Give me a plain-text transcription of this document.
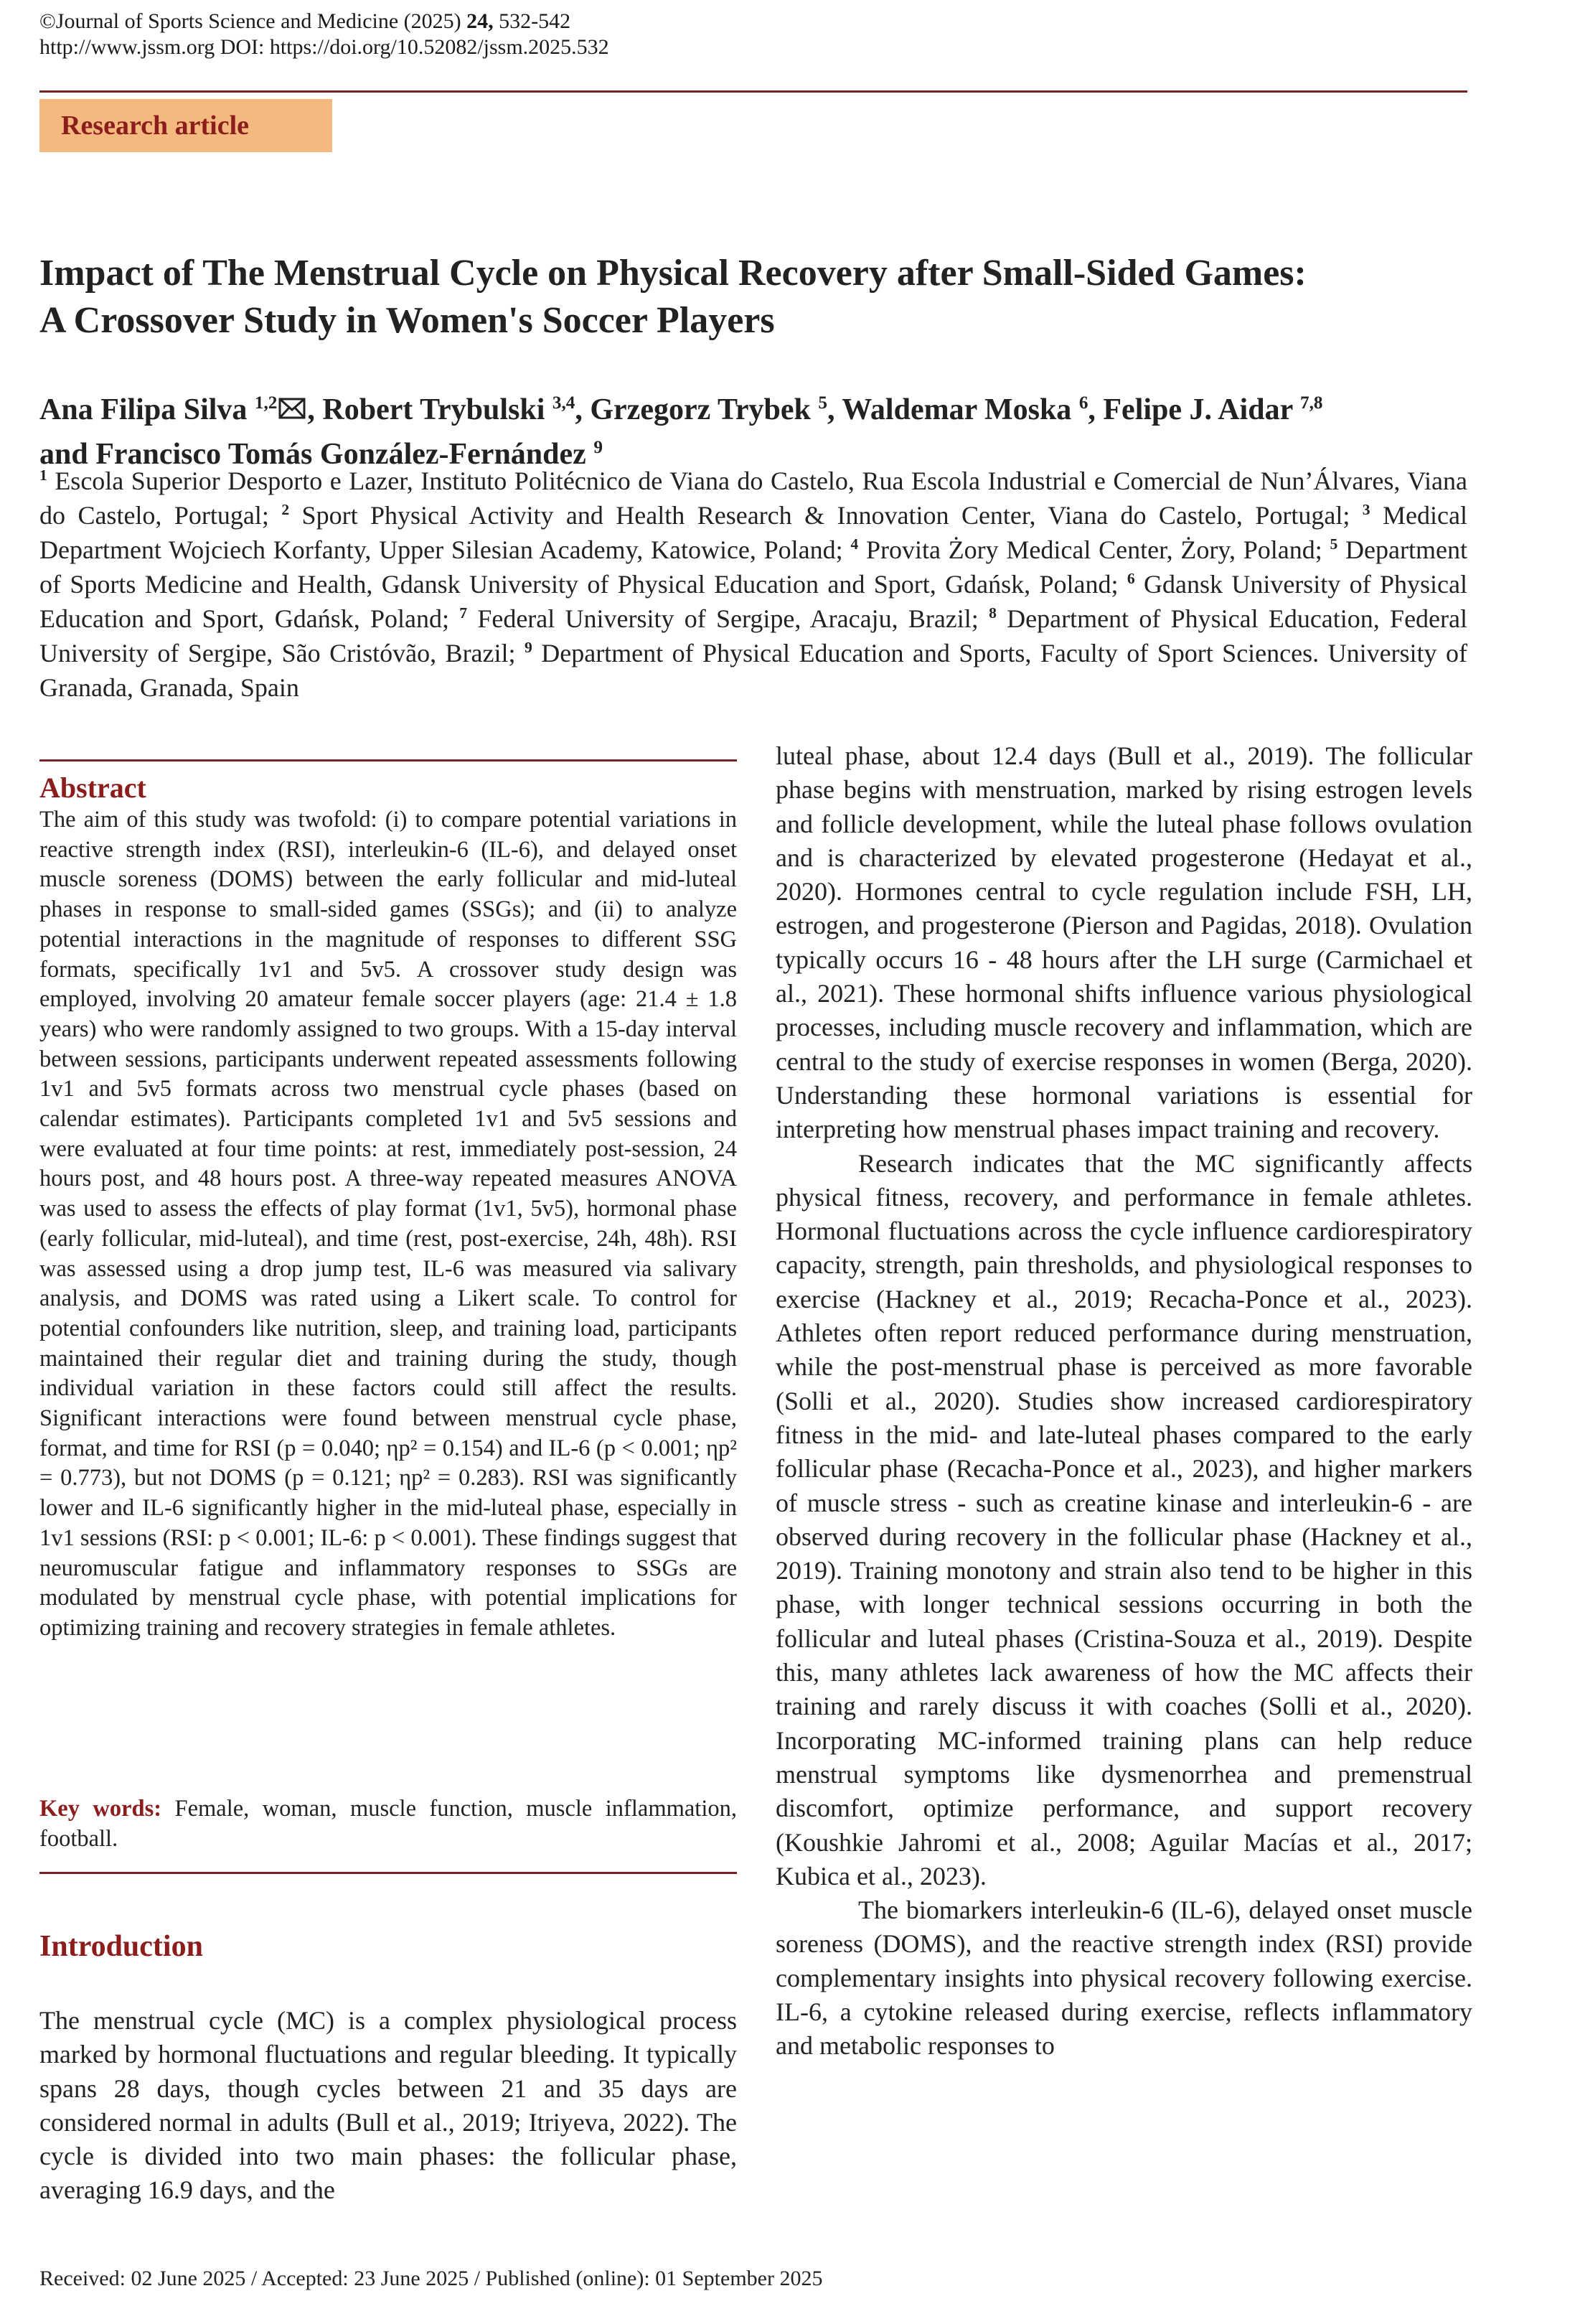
©Journal of Sports Science and Medicine (2025) 24, 532-542
http://www.jssm.org DOI: https://doi.org/10.52082/jssm.2025.532
Research article
Impact of The Menstrual Cycle on Physical Recovery after Small-Sided Games:
A Crossover Study in Women's Soccer Players
Ana Filipa Silva $^{1,2}$ , Robert Trybulski $^{3,4}$, Grzegorz Trybek $^5$, Waldemar Moska $^6$, Felipe J. Aidar $^{7,8}$
and Francisco Tomás González-Fernández $^9$
$^1$ Escola Superior Desporto e Lazer, Instituto Politécnico de Viana do Castelo, Rua Escola Industrial e Comercial de Nun’Álvares, Viana do Castelo, Portugal; $^2$ Sport Physical Activity and Health Research & Innovation Center, Viana do Castelo, Portugal; $^3$ Medical Department Wojciech Korfanty, Upper Silesian Academy, Katowice, Poland; $^4$ Provita Żory Medical Center, Żory, Poland; $^5$ Department of Sports Medicine and Health, Gdansk University of Physical Education and Sport, Gdańsk, Poland; $^6$ Gdansk University of Physical Education and Sport, Gdańsk, Poland; $^7$ Federal University of Sergipe, Aracaju, Brazil; $^8$ Department of Physical Education, Federal University of Sergipe, São Cristóvão, Brazil; $^9$ Department of Physical Education and Sports, Faculty of Sport Sciences. University of Granada, Granada, Spain
Abstract
The aim of this study was twofold: (i) to compare potential variations in reactive strength index (RSI), interleukin-6 (IL-6), and delayed onset muscle soreness (DOMS) between the early follicular and mid-luteal phases in response to small-sided games (SSGs); and (ii) to analyze potential interactions in the magnitude of responses to different SSG formats, specifically 1v1 and 5v5. A crossover study design was employed, involving 20 amateur female soccer players (age: 21.4 ± 1.8 years) who were randomly assigned to two groups. With a 15-day interval between sessions, participants underwent repeated assessments following 1v1 and 5v5 formats across two menstrual cycle phases (based on calendar estimates). Participants completed 1v1 and 5v5 sessions and were evaluated at four time points: at rest, immediately post-session, 24 hours post, and 48 hours post. A three-way repeated measures ANOVA was used to assess the effects of play format (1v1, 5v5), hormonal phase (early follicular, mid-luteal), and time (rest, post-exercise, 24h, 48h). RSI was assessed using a drop jump test, IL-6 was measured via salivary analysis, and DOMS was rated using a Likert scale. To control for potential confounders like nutrition, sleep, and training load, participants maintained their regular diet and training during the study, though individual variation in these factors could still affect the results. Significant interactions were found between menstrual cycle phase, format, and time for RSI (p = 0.040; ηp² = 0.154) and IL-6 (p < 0.001; ηp² = 0.773), but not DOMS (p = 0.121; ηp² = 0.283). RSI was significantly lower and IL-6 significantly higher in the mid-luteal phase, especially in 1v1 sessions (RSI: p < 0.001; IL-6: p < 0.001). These findings suggest that neuromuscular fatigue and inflammatory responses to SSGs are modulated by menstrual cycle phase, with potential implications for optimizing training and recovery strategies in female athletes.
Key words: Female, woman, muscle function, muscle inflammation, football.
Introduction
The menstrual cycle (MC) is a complex physiological process marked by hormonal fluctuations and regular bleeding. It typically spans 28 days, though cycles between 21 and 35 days are considered normal in adults (Bull et al., 2019; Itriyeva, 2022). The cycle is divided into two main phases: the follicular phase, averaging 16.9 days, and the

luteal phase, about 12.4 days (Bull et al., 2019). The follicular phase begins with menstruation, marked by rising estrogen levels and follicle development, while the luteal phase follows ovulation and is characterized by elevated progesterone (Hedayat et al., 2020). Hormones central to cycle regulation include FSH, LH, estrogen, and progesterone (Pierson and Pagidas, 2018). Ovulation typically occurs 16 - 48 hours after the LH surge (Carmichael et al., 2021). These hormonal shifts influence various physiological processes, including muscle recovery and inflammation, which are central to the study of exercise responses in women (Berga, 2020). Understanding these hormonal variations is essential for interpreting how menstrual phases impact training and recovery.

Research indicates that the MC significantly affects physical fitness, recovery, and performance in female athletes. Hormonal fluctuations across the cycle influence cardiorespiratory capacity, strength, pain thresholds, and physiological responses to exercise (Hackney et al., 2019; Recacha-Ponce et al., 2023). Athletes often report reduced performance during menstruation, while the post-menstrual phase is perceived as more favorable (Solli et al., 2020). Studies show increased cardiorespiratory fitness in the mid- and late-luteal phases compared to the early follicular phase (Recacha-Ponce et al., 2023), and higher markers of muscle stress - such as creatine kinase and interleukin-6 - are observed during recovery in the follicular phase (Hackney et al., 2019). Training monotony and strain also tend to be higher in this phase, with longer technical sessions occurring in both the follicular and luteal phases (Cristina-Souza et al., 2019). Despite this, many athletes lack awareness of how the MC affects their training and rarely discuss it with coaches (Solli et al., 2020). Incorporating MC-informed training plans can help reduce menstrual symptoms like dysmenorrhea and premenstrual discomfort, optimize performance, and support recovery (Koushkie Jahromi et al., 2008; Aguilar Macías et al., 2017; Kubica et al., 2023).

The biomarkers interleukin-6 (IL-6), delayed onset muscle soreness (DOMS), and the reactive strength index (RSI) provide complementary insights into physical recovery following exercise. IL-6, a cytokine released during exercise, reflects inflammatory and metabolic responses to

Received: 02 June 2025 / Accepted: 23 June 2025 / Published (online): 01 September 2025
